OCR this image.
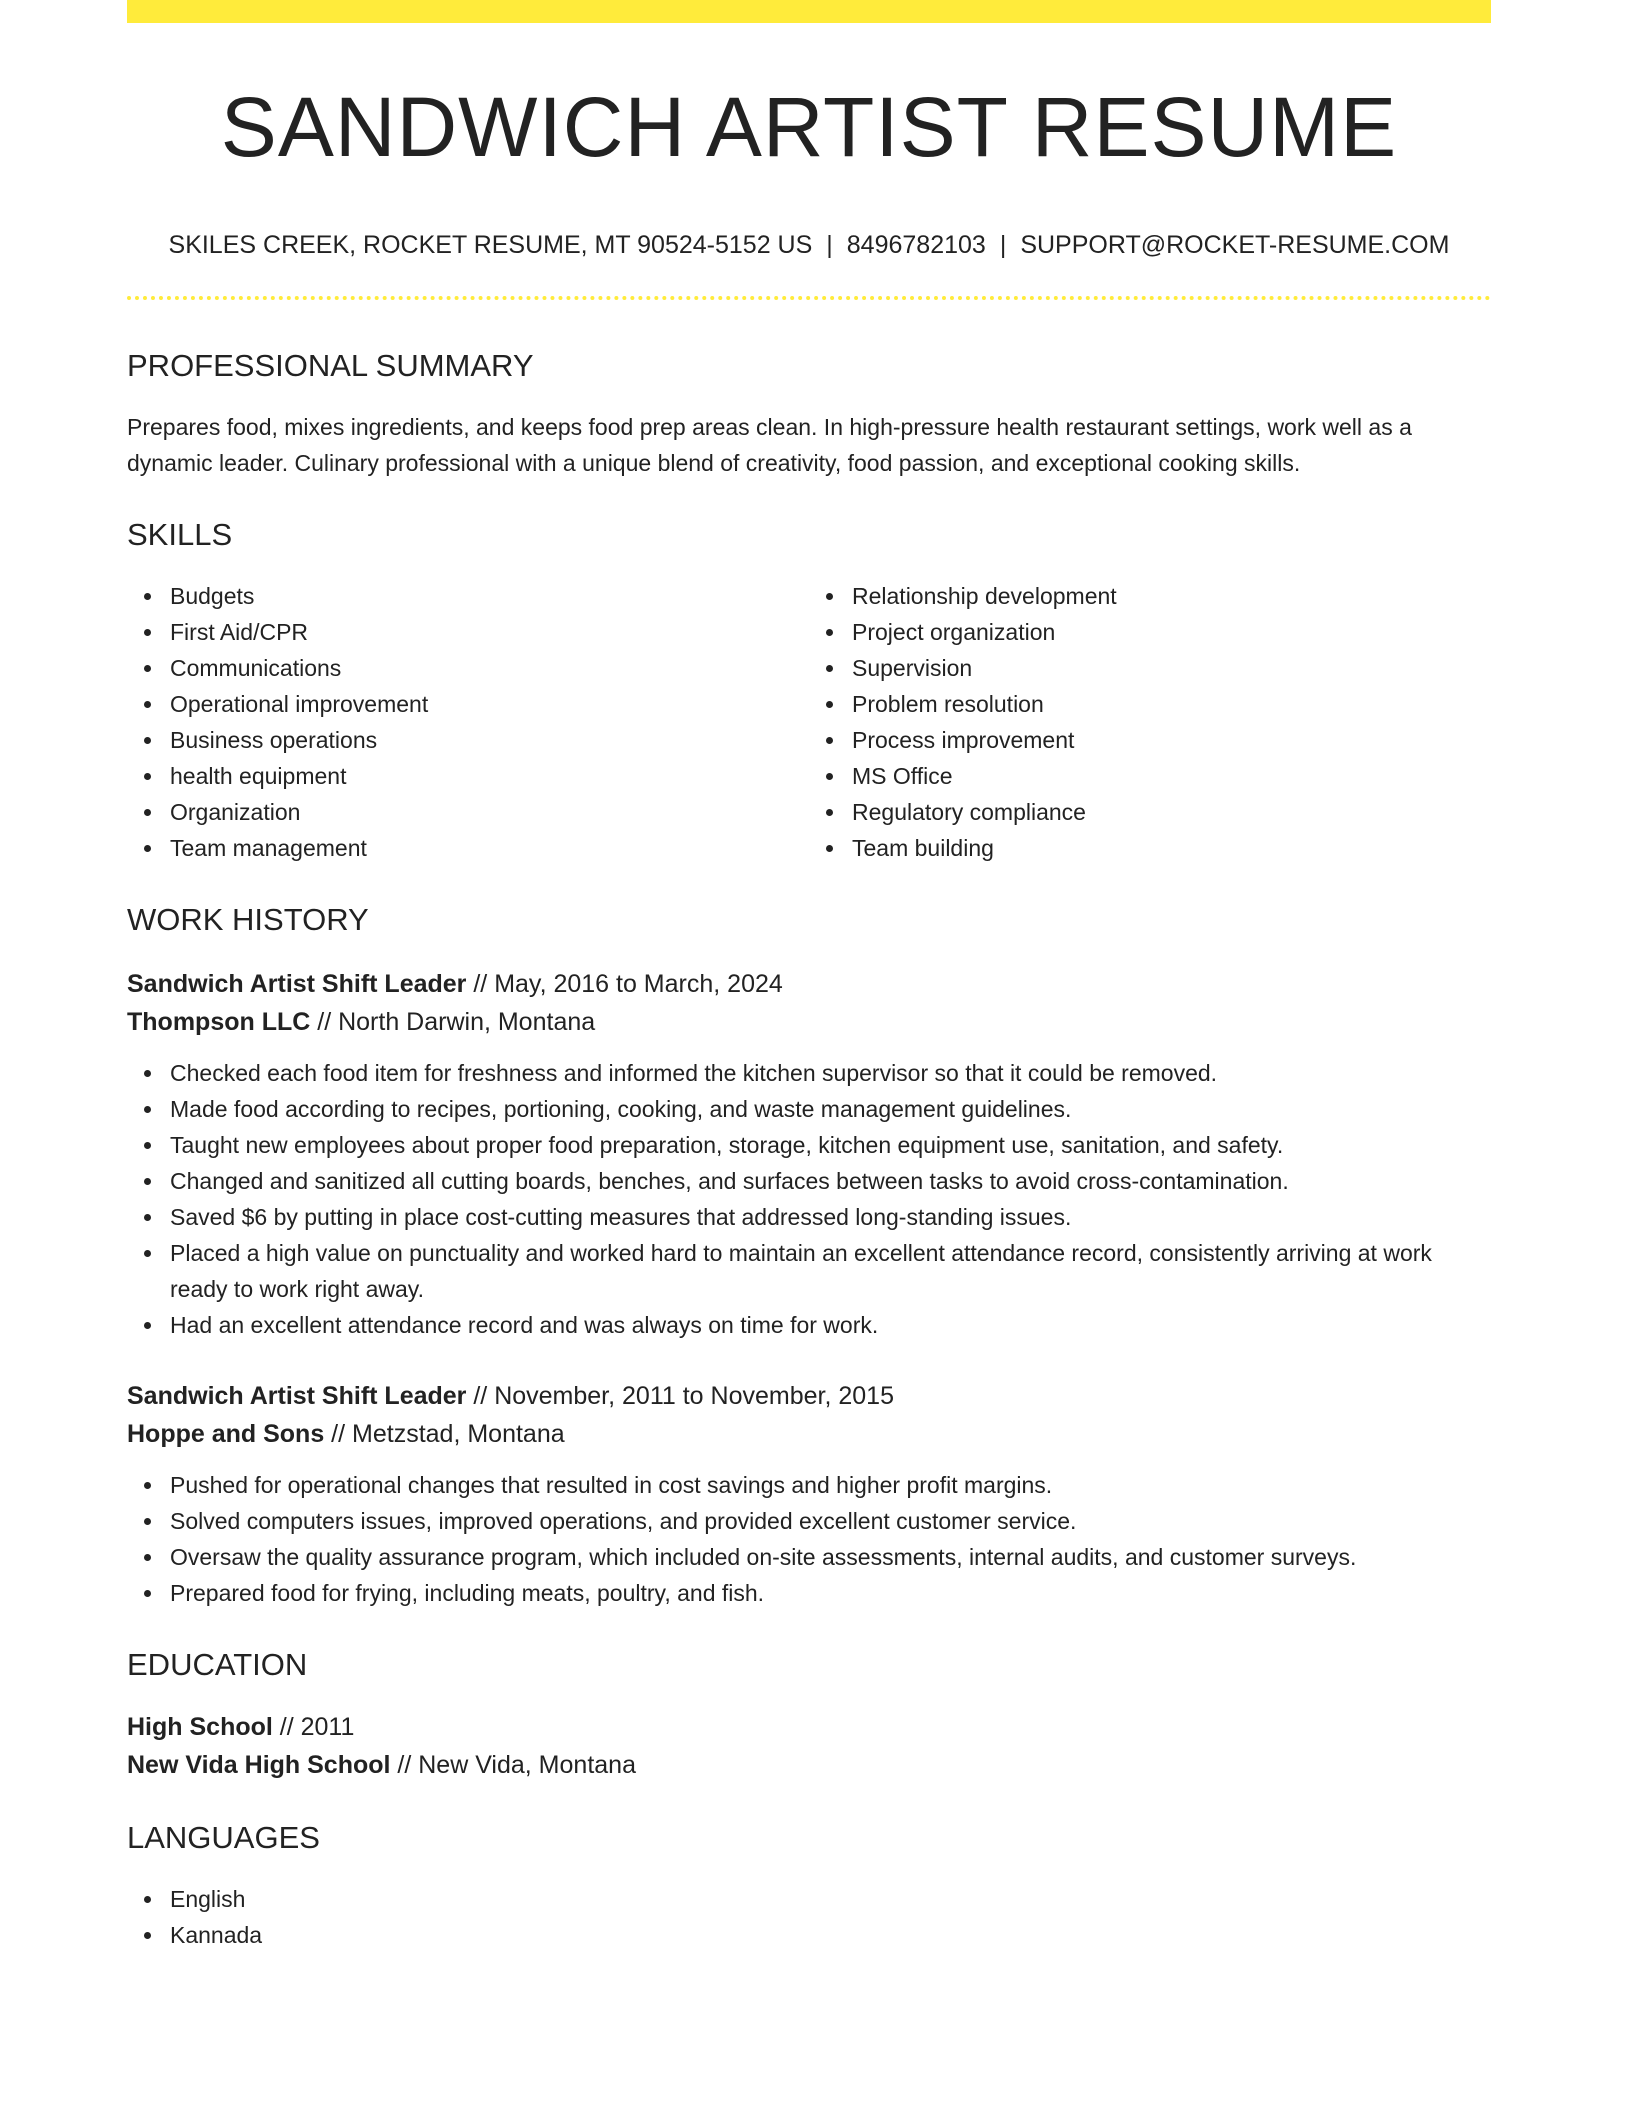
SANDWICH ARTIST RESUME
SKILES CREEK, ROCKET RESUME, MT 90524-5152 US | 8496782103 | SUPPORT@ROCKET-RESUME.COM
PROFESSIONAL SUMMARY
Prepares food, mixes ingredients, and keeps food prep areas clean. In high-pressure health restaurant settings, work well as a dynamic leader. Culinary professional with a unique blend of creativity, food passion, and exceptional cooking skills.
SKILLS
Budgets
First Aid/CPR
Communications
Operational improvement
Business operations
health equipment
Organization
Team management
Relationship development
Project organization
Supervision
Problem resolution
Process improvement
MS Office
Regulatory compliance
Team building
WORK HISTORY
Sandwich Artist Shift Leader // May, 2016 to March, 2024
Thompson LLC // North Darwin, Montana
Checked each food item for freshness and informed the kitchen supervisor so that it could be removed.
Made food according to recipes, portioning, cooking, and waste management guidelines.
Taught new employees about proper food preparation, storage, kitchen equipment use, sanitation, and safety.
Changed and sanitized all cutting boards, benches, and surfaces between tasks to avoid cross-contamination.
Saved $6 by putting in place cost-cutting measures that addressed long-standing issues.
Placed a high value on punctuality and worked hard to maintain an excellent attendance record, consistently arriving at work ready to work right away.
Had an excellent attendance record and was always on time for work.
Sandwich Artist Shift Leader // November, 2011 to November, 2015
Hoppe and Sons // Metzstad, Montana
Pushed for operational changes that resulted in cost savings and higher profit margins.
Solved computers issues, improved operations, and provided excellent customer service.
Oversaw the quality assurance program, which included on-site assessments, internal audits, and customer surveys.
Prepared food for frying, including meats, poultry, and fish.
EDUCATION
High School // 2011
New Vida High School // New Vida, Montana
LANGUAGES
English
Kannada
